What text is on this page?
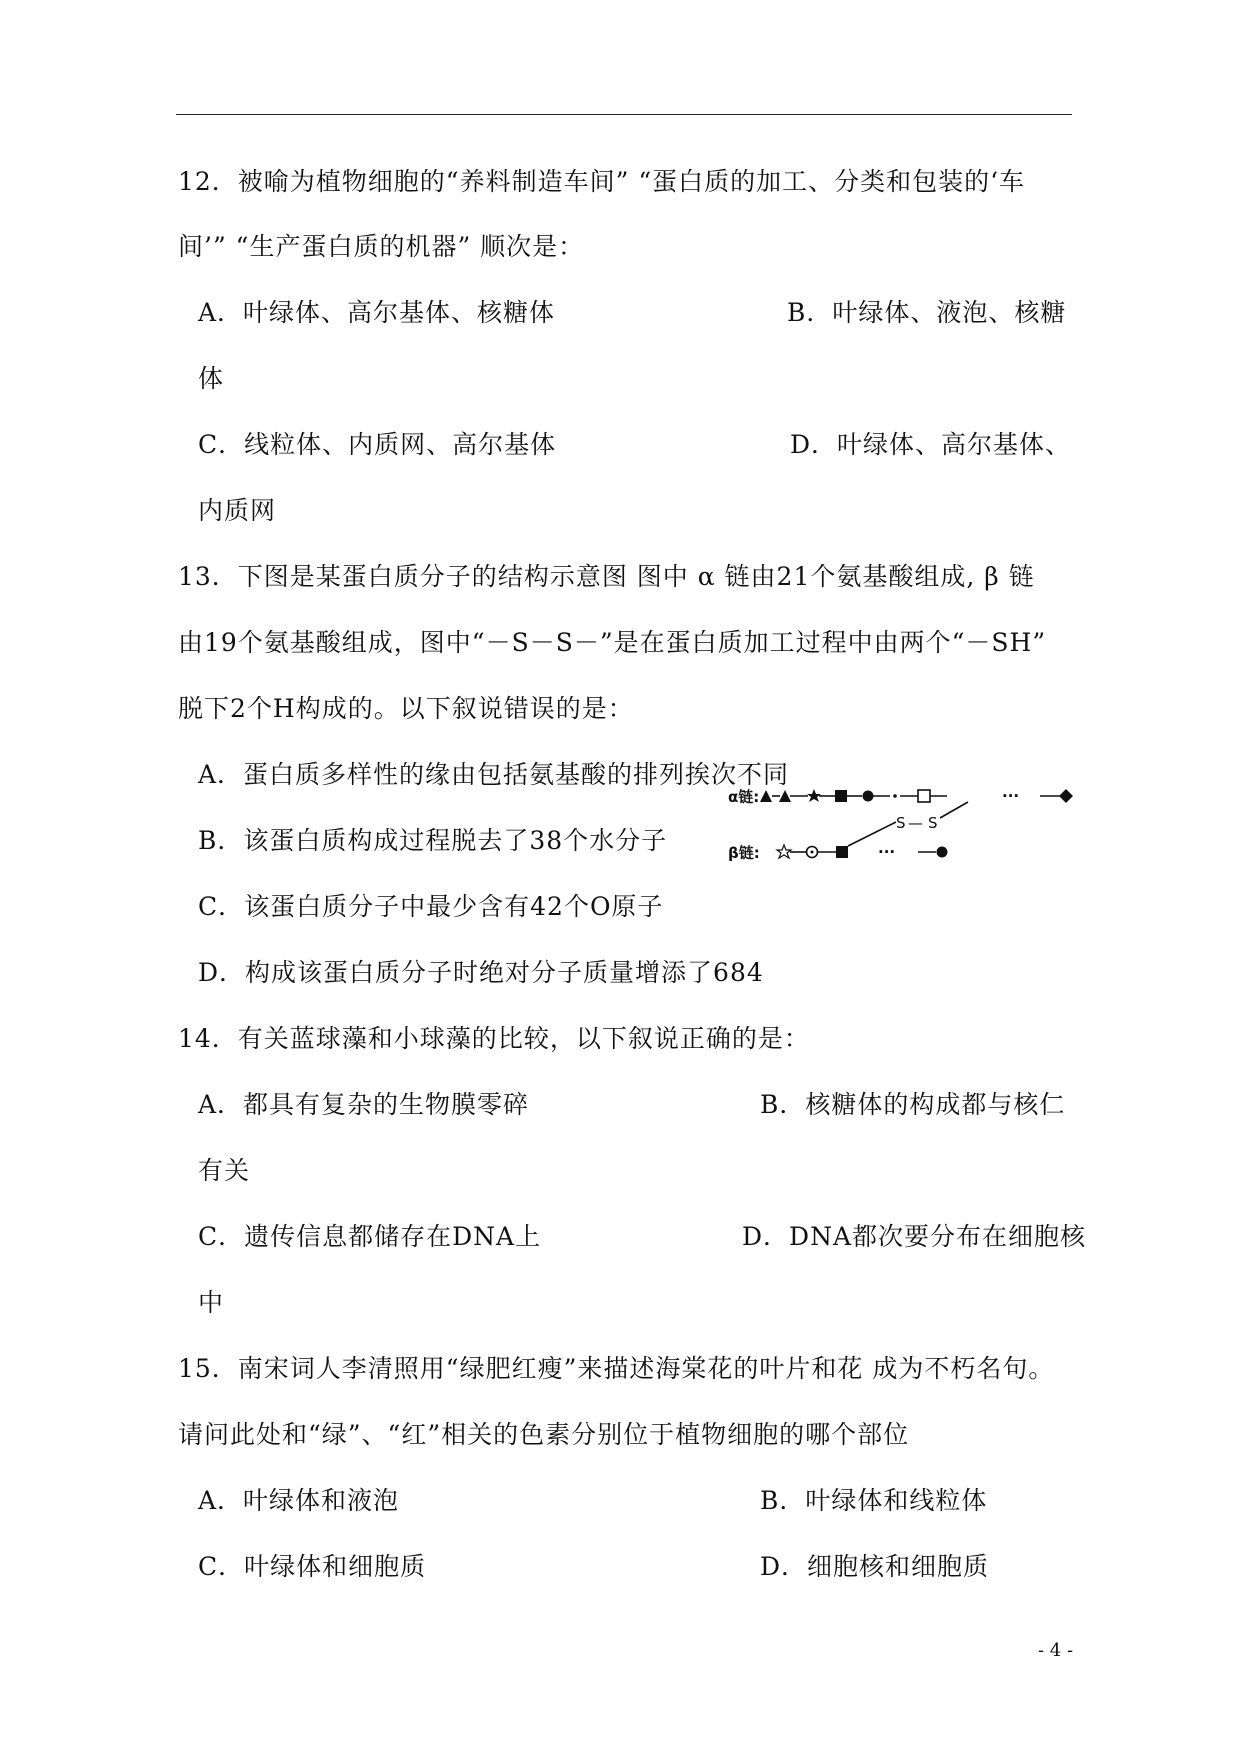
12．被喻为植物细胞的“养料制造车间” “蛋白质的加工、分类和包装的‘车
间’” “生产蛋白质的机器” 顺次是：
A．叶绿体、高尔基体、核糖体	B．叶绿体、液泡、核糖
体
C．线粒体、内质网、高尔基体	D．叶绿体、高尔基体、
内质网
13．下图是某蛋白质分子的结构示意图 图中 α 链由21个氨基酸组成, β 链
由19个氨基酸组成，图中“－S－S－”是在蛋白质加工过程中由两个“－SH”
脱下2个H构成的。以下叙说错误的是：
A．蛋白质多样性的缘由包括氨基酸的排列挨次不同
B．该蛋白质构成过程脱去了38个水分子
C．该蛋白质分子中最少含有42个O原子
D．构成该蛋白质分子时绝对分子质量增添了684
α链:
β链:
S — S
···
···
14．有关蓝球藻和小球藻的比较，以下叙说正确的是：
A．都具有复杂的生物膜零碎	B．核糖体的构成都与核仁
有关
C．遗传信息都储存在DNA上	D．DNA都次要分布在细胞核
中
15．南宋词人李清照用“绿肥红瘦”来描述海棠花的叶片和花 成为不朽名句。
请问此处和“绿”、“红”相关的色素分别位于植物细胞的哪个部位
A．叶绿体和液泡	B．叶绿体和线粒体
C．叶绿体和细胞质	D．细胞核和细胞质
- 4 -
